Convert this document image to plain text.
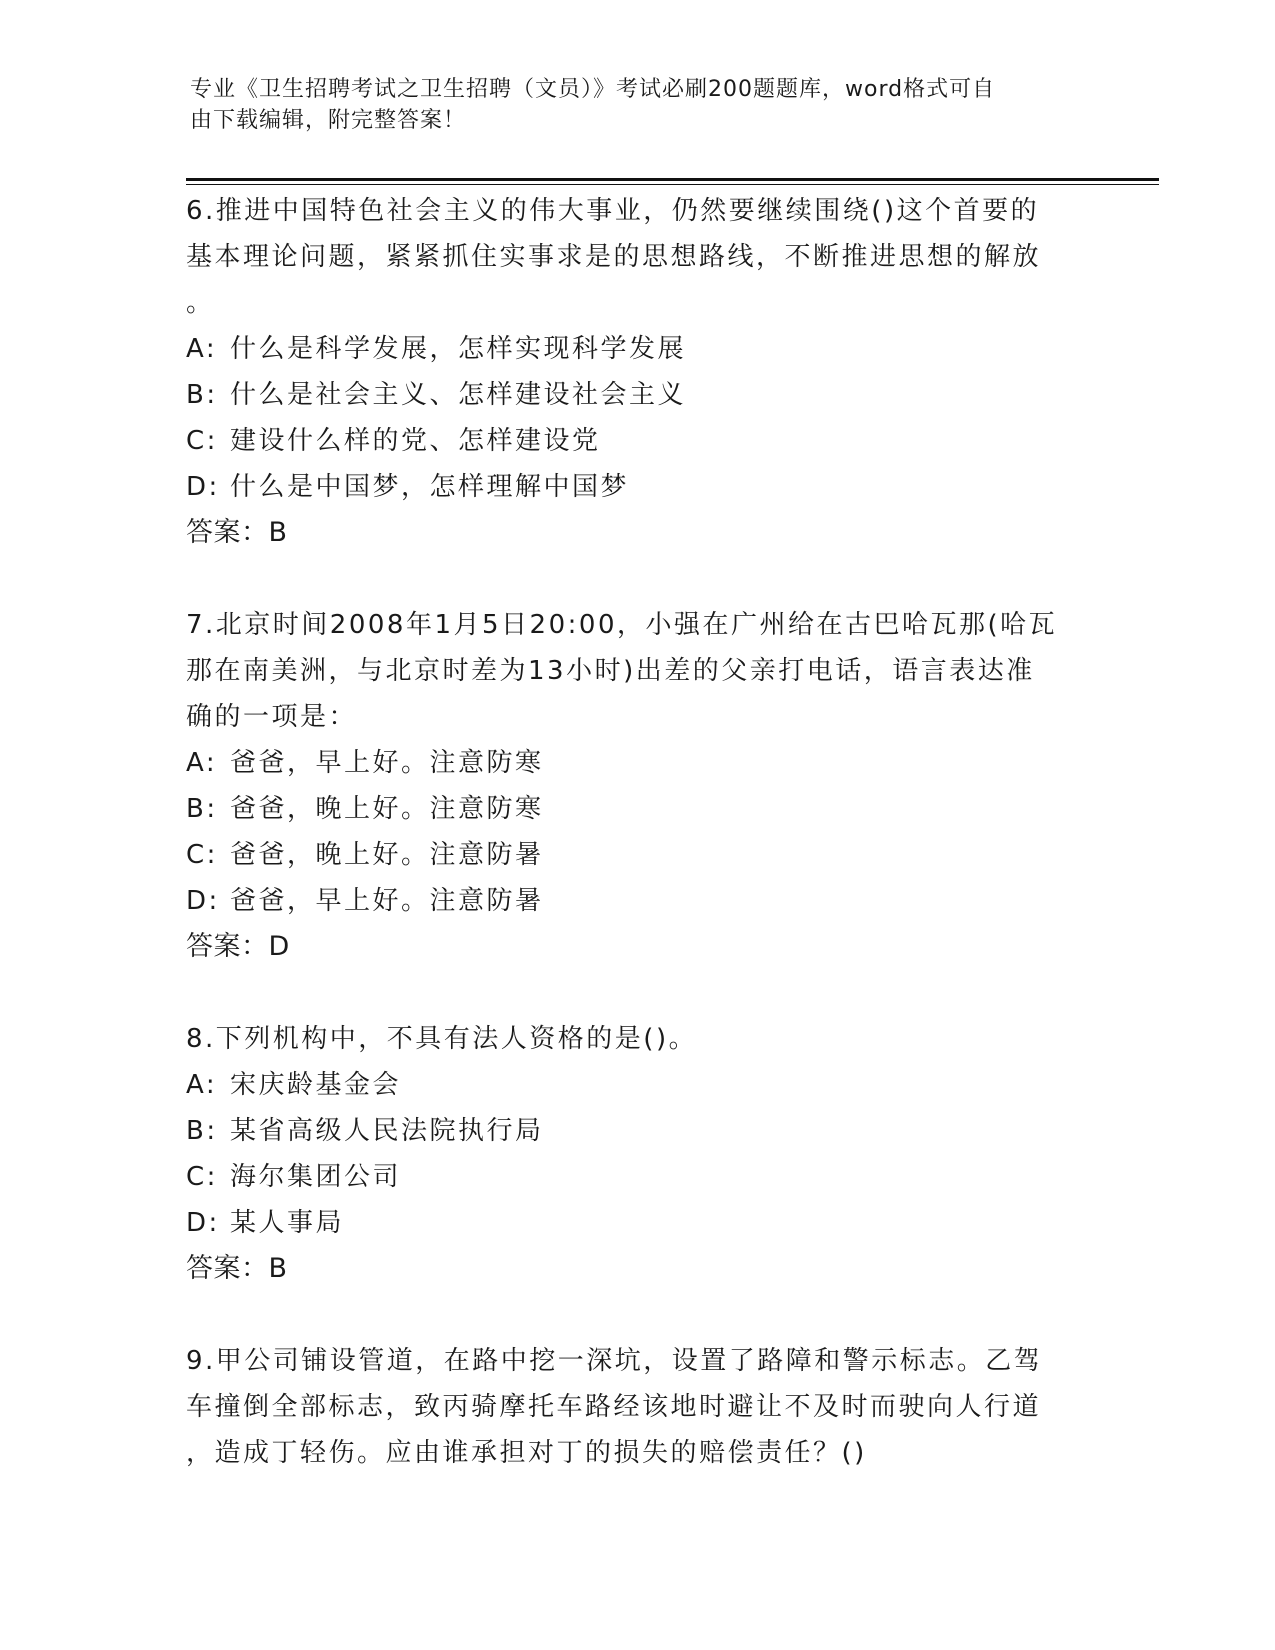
专业《卫生招聘考试之卫生招聘（文员）》考试必刷200题题库，word格式可自
由下载编辑，附完整答案！

6.推进中国特色社会主义的伟大事业，仍然要继续围绕()这个首要的

基本理论问题，紧紧抓住实事求是的思想路线，不断推进思想的解放

。

A: 什么是科学发展，怎样实现科学发展

B: 什么是社会主义、怎样建设社会主义

C: 建设什么样的党、怎样建设党

D: 什么是中国梦，怎样理解中国梦

答案：B

7.北京时间2008年1月5日20:00，小强在广州给在古巴哈瓦那(哈瓦

那在南美洲，与北京时差为13小时)出差的父亲打电话，语言表达准

确的一项是：

A: 爸爸，早上好。注意防寒

B: 爸爸，晚上好。注意防寒

C: 爸爸，晚上好。注意防暑

D: 爸爸，早上好。注意防暑

答案：D

8.下列机构中，不具有法人资格的是()。

A: 宋庆龄基金会

B: 某省高级人民法院执行局

C: 海尔集团公司

D: 某人事局

答案：B

9.甲公司铺设管道，在路中挖一深坑，设置了路障和警示标志。乙驾

车撞倒全部标志，致丙骑摩托车路经该地时避让不及时而驶向人行道

，造成丁轻伤。应由谁承担对丁的损失的赔偿责任？()
